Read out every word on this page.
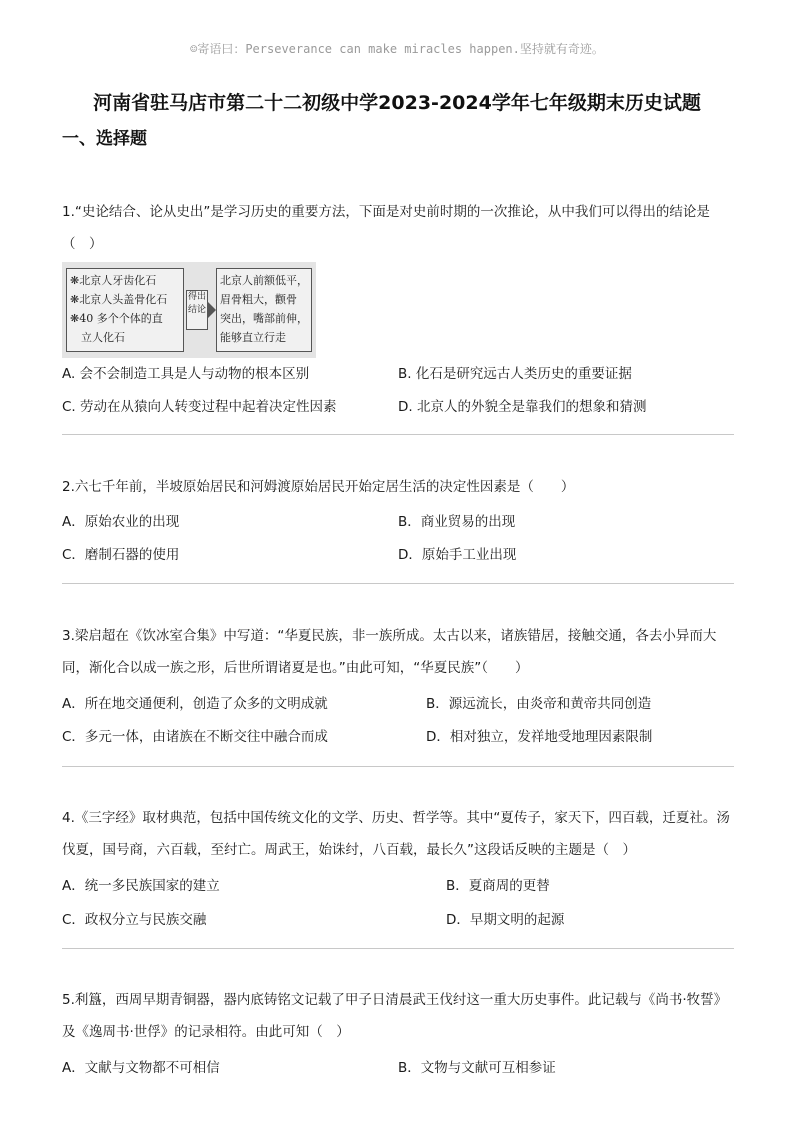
☺寄语曰：Perseverance can make miracles happen.坚持就有奇迹。
河南省驻马店市第二十二初级中学2023-2024学年七年级期末历史试题
一、选择题
1.“史论结合、论从史出”是学习历史的重要方法，下面是对史前时期的一次推论，从中我们可以得出的结论是（　）
❋北京人牙齿化石
❋北京人头盖骨化石
❋40 多个个体的直
　立人化石
得出
结论
北京人前额低平，
眉骨粗大，颧骨
突出，嘴部前伸，
能够直立行走
A. 会不会制造工具是人与动物的根本区别	B. 化石是研究远古人类历史的重要证据
C. 劳动在从猿向人转变过程中起着决定性因素	D. 北京人的外貌全是靠我们的想象和猜测
2.六七千年前，半坡原始居民和河姆渡原始居民开始定居生活的决定性因素是（　　）
A．原始农业的出现	B．商业贸易的出现
C．磨制石器的使用	D．原始手工业出现
3.梁启超在《饮冰室合集》中写道：“华夏民族，非一族所成。太古以来，诸族错居，接触交通，各去小异而大同，渐化合以成一族之形，后世所谓诸夏是也。”由此可知，“华夏民族”（　　）
A．所在地交通便利，创造了众多的文明成就	B．源远流长，由炎帝和黄帝共同创造
C．多元一体，由诸族在不断交往中融合而成	D．相对独立，发祥地受地理因素限制
4.《三字经》取材典范，包括中国传统文化的文学、历史、哲学等。其中“夏传子，家天下，四百载，迁夏社。汤伐夏，国号商，六百载，至纣亡。周武王，始诛纣，八百载，最长久”这段话反映的主题是（　）
A．统一多民族国家的建立	B．夏商周的更替
C．政权分立与民族交融	D．早期文明的起源
5.利簋，西周早期青铜器，器内底铸铭文记载了甲子日清晨武王伐纣这一重大历史事件。此记载与《尚书·牧誓》及《逸周书·世俘》的记录相符。由此可知（　）
A．文献与文物都不可相信	B．文物与文献可互相参证
